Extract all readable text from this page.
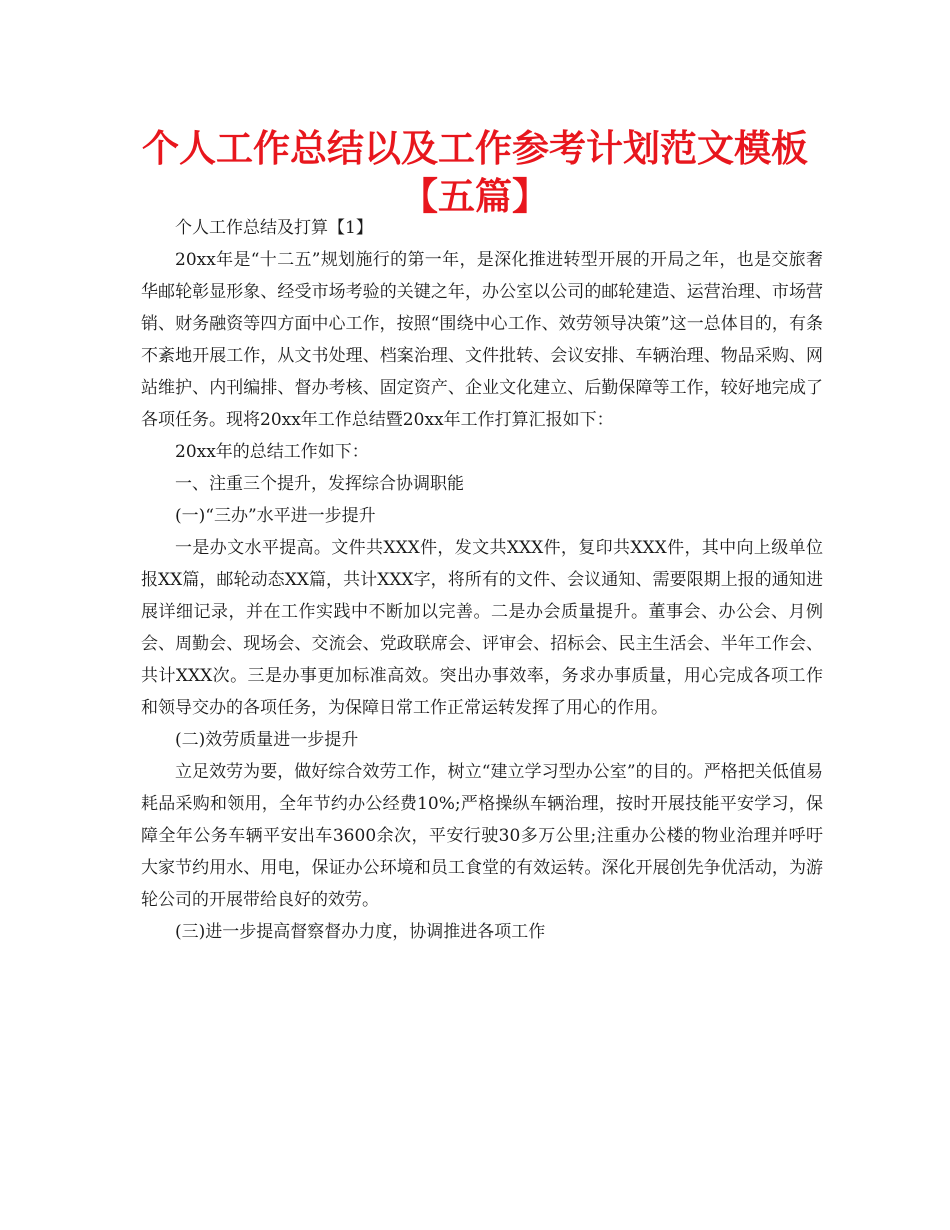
个人工作总结以及工作参考计划范文模板
【五篇】

个人工作总结及打算【1】

20xx年是“十二五”规划施行的第一年，是深化推进转型开展的开局之年，也是交旅奢华邮轮彰显形象、经受市场考验的关键之年，办公室以公司的邮轮建造、运营治理、市场营销、财务融资等四方面中心工作，按照“围绕中心工作、效劳领导决策”这一总体目的，有条不紊地开展工作，从文书处理、档案治理、文件批转、会议安排、车辆治理、物品采购、网站维护、内刊编排、督办考核、固定资产、企业文化建立、后勤保障等工作，较好地完成了各项任务。现将20xx年工作总结暨20xx年工作打算汇报如下：

20xx年的总结工作如下：

一、注重三个提升，发挥综合协调职能

(一)“三办”水平进一步提升

一是办文水平提高。文件共XXX件，发文共XXX件，复印共XXX件，其中向上级单位报XX篇，邮轮动态XX篇，共计XXX字，将所有的文件、会议通知、需要限期上报的通知进展详细记录，并在工作实践中不断加以完善。二是办会质量提升。董事会、办公会、月例会、周勤会、现场会、交流会、党政联席会、评审会、招标会、民主生活会、半年工作会、共计XXX次。三是办事更加标准高效。突出办事效率，务求办事质量，用心完成各项工作和领导交办的各项任务，为保障日常工作正常运转发挥了用心的作用。

(二)效劳质量进一步提升

立足效劳为要，做好综合效劳工作，树立“建立学习型办公室”的目的。严格把关低值易耗品采购和领用，全年节约办公经费10%;严格操纵车辆治理，按时开展技能平安学习，保障全年公务车辆平安出车3600余次，平安行驶30多万公里;注重办公楼的物业治理并呼吁大家节约用水、用电，保证办公环境和员工食堂的有效运转。深化开展创先争优活动，为游轮公司的开展带给良好的效劳。

(三)进一步提高督察督办力度，协调推进各项工作
